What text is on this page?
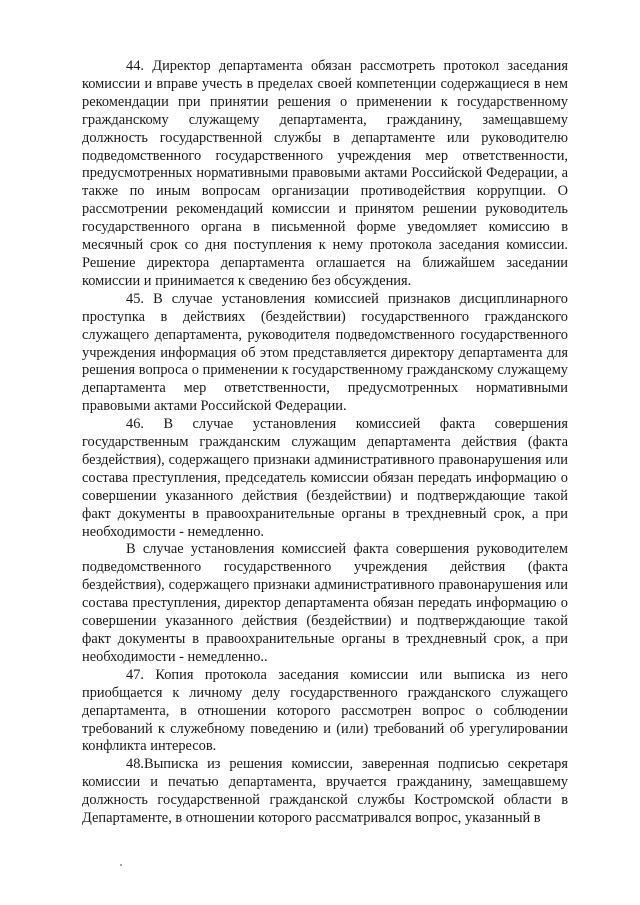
44. Директор департамента обязан рассмотреть протокол заседания комиссии и вправе учесть в пределах своей компетенции содержащиеся в нем рекомендации при принятии решения о применении к государственному гражданскому служащему департамента, гражданину, замещавшему должность государственной службы в департаменте или руководителю подведомственного государственного учреждения мер ответственности, предусмотренных нормативными правовыми актами Российской Федерации, а также по иным вопросам организации противодействия коррупции. О рассмотрении рекомендаций комиссии и принятом решении руководитель государственного органа в письменной форме уведомляет комиссию в месячный срок со дня поступления к нему протокола заседания комиссии. Решение директора департамента оглашается на ближайшем заседании комиссии и принимается к сведению без обсуждения.

45. В случае установления комиссией признаков дисциплинарного проступка в действиях (бездействии) государственного гражданского служащего департамента, руководителя подведомственного государственного учреждения информация об этом представляется директору департамента для решения вопроса о применении к государственному гражданскому служащему департамента мер ответственности, предусмотренных нормативными правовыми актами Российской Федерации.

46. В случае установления комиссией факта совершения государственным гражданским служащим департамента действия (факта бездействия), содержащего признаки административного правонарушения или состава преступления, председатель комиссии обязан передать информацию о совершении указанного действия (бездействии) и подтверждающие такой факт документы в правоохранительные органы в трехдневный срок, а при необходимости - немедленно.

В случае установления комиссией факта совершения руководителем подведомственного государственного учреждения действия (факта бездействия), содержащего признаки административного правонарушения или состава преступления, директор департамента обязан передать информацию о совершении указанного действия (бездействии) и подтверждающие такой факт документы в правоохранительные органы в трехдневный срок, а при необходимости - немедленно..

47. Копия протокола заседания комиссии или выписка из него приобщается к личному делу государственного гражданского служащего департамента, в отношении которого рассмотрен вопрос о соблюдении требований к служебному поведению и (или) требований об урегулировании конфликта интересов.

48.Выписка из решения комиссии, заверенная подписью секретаря комиссии и печатью департамента, вручается гражданину, замещавшему должность государственной гражданской службы Костромской области в Департаменте, в отношении которого рассматривался вопрос, указанный в
